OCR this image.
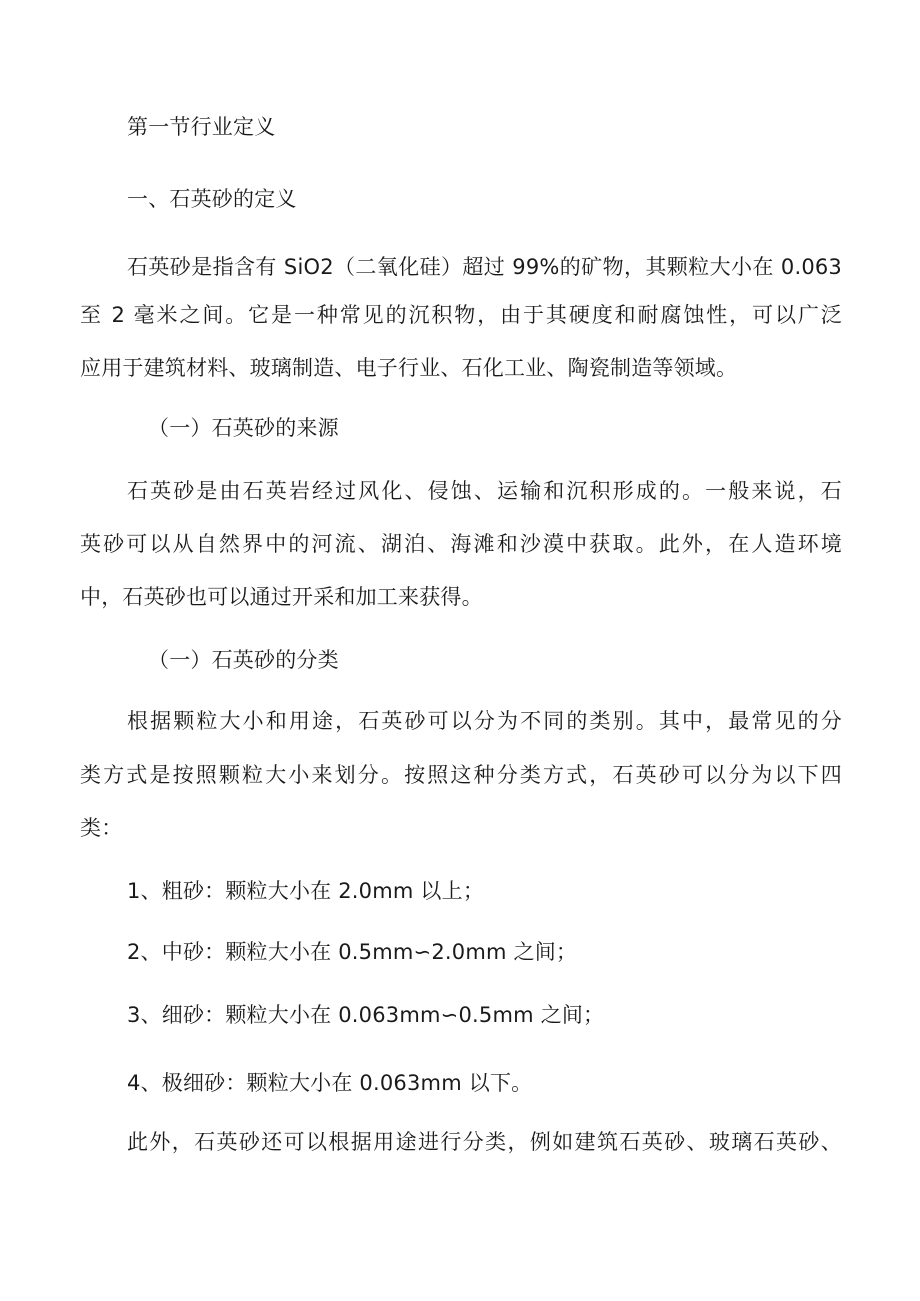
第一节行业定义
一、石英砂的定义
石英砂是指含有 SiO2（二氧化硅）超过 99%的矿物，其颗粒大小在 0.063
至 2 毫米之间。它是一种常见的沉积物，由于其硬度和耐腐蚀性，可以广泛
应用于建筑材料、玻璃制造、电子行业、石化工业、陶瓷制造等领域。
（一）石英砂的来源
石英砂是由石英岩经过风化、侵蚀、运输和沉积形成的。一般来说，石
英砂可以从自然界中的河流、湖泊、海滩和沙漠中获取。此外，在人造环境
中，石英砂也可以通过开采和加工来获得。
（一）石英砂的分类
根据颗粒大小和用途，石英砂可以分为不同的类别。其中，最常见的分
类方式是按照颗粒大小来划分。按照这种分类方式，石英砂可以分为以下四
类：
1、粗砂：颗粒大小在 2.0mm 以上；
2、中砂：颗粒大小在 0.5mm∽2.0mm 之间；
3、细砂：颗粒大小在 0.063mm∽0.5mm 之间；
4、极细砂：颗粒大小在 0.063mm 以下。
此外，石英砂还可以根据用途进行分类，例如建筑石英砂、玻璃石英砂、
